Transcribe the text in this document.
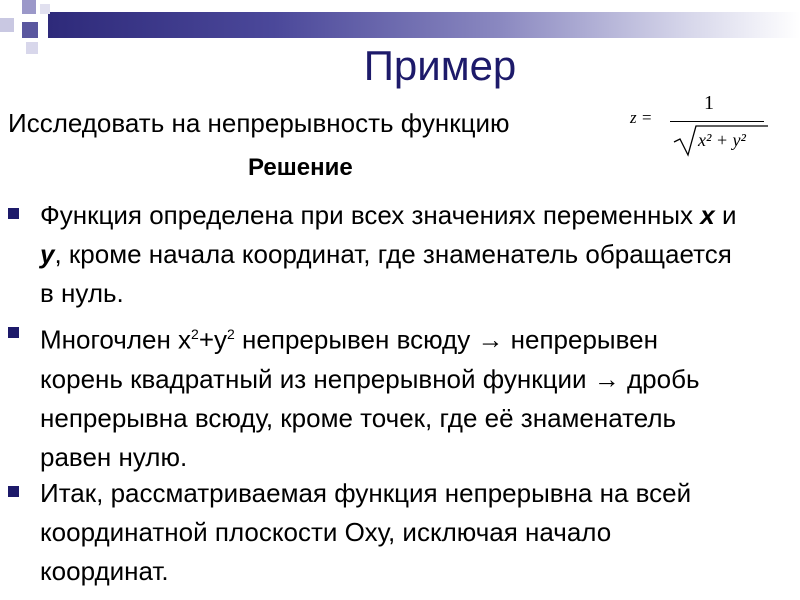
Пример
Исследовать на непрерывность функцию	z =
1
x² + y²
Решение
Функция определена при всех значениях переменных x и y, кроме начала координат, где знаменатель обращается в нуль.
Многочлен $x^2+y^2$ непрерывен всюду → непрерывен корень квадратный из непрерывной функции → дробь непрерывна всюду, кроме точек, где её знаменатель равен нулю.
Итак, рассматриваемая функция непрерывна на всей координатной плоскости Оху, исключая начало координат.
